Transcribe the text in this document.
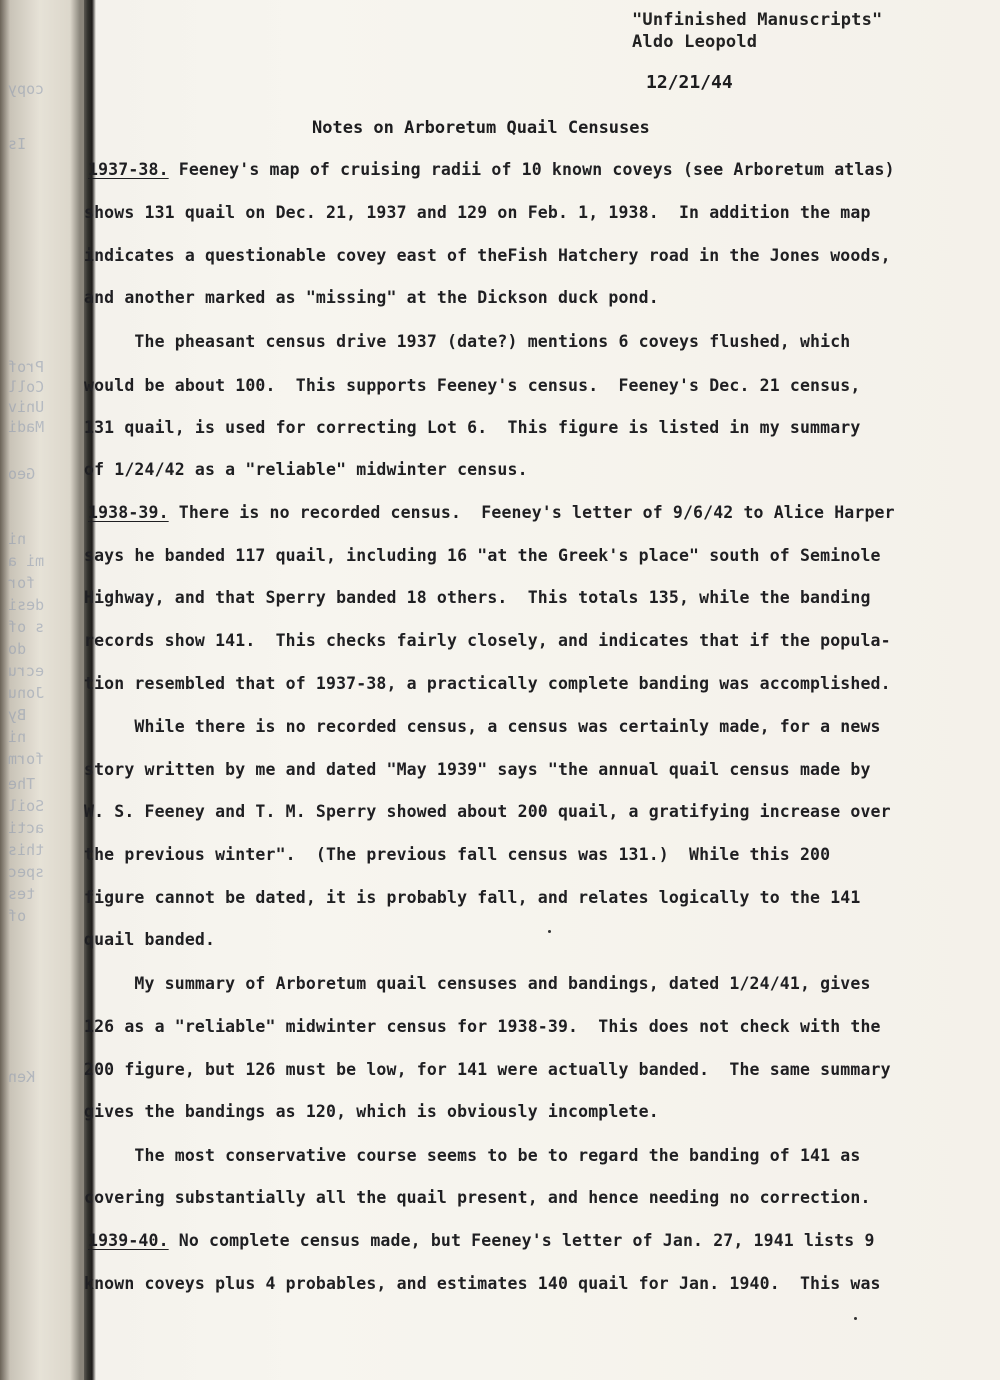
copy
Is
Prof
Coll
Univ
Madi
Geo
ni
mi a
for
desi
s of
do
ecru
Jonu
By
ni
form
The
Soil
acti
this
spec
tes
of
Ken
"Unfinished Manuscripts"
Aldo Leopold
12/21/44
Notes on Arboretum Quail Censuses
1937-38. Feeney's map of cruising radii of 10 known coveys (see Arboretum atlas)
shows 131 quail on Dec. 21, 1937 and 129 on Feb. 1, 1938.  In addition the map
indicates a questionable covey east of theFish Hatchery road in the Jones woods,
and another marked as "missing" at the Dickson duck pond.
The pheasant census drive 1937 (date?) mentions 6 coveys flushed, which
would be about 100.  This supports Feeney's census.  Feeney's Dec. 21 census,
131 quail, is used for correcting Lot 6.  This figure is listed in my summary
of 1/24/42 as a "reliable" midwinter census.
1938-39. There is no recorded census.  Feeney's letter of 9/6/42 to Alice Harper
says he banded 117 quail, including 16 "at the Greek's place" south of Seminole
Highway, and that Sperry banded 18 others.  This totals 135, while the banding
records show 141.  This checks fairly closely, and indicates that if the popula-
tion resembled that of 1937-38, a practically complete banding was accomplished.
While there is no recorded census, a census was certainly made, for a news
story written by me and dated "May 1939" says "the annual quail census made by
W. S. Feeney and T. M. Sperry showed about 200 quail, a gratifying increase over
the previous winter".  (The previous fall census was 131.)  While this 200
figure cannot be dated, it is probably fall, and relates logically to the 141
quail banded.
My summary of Arboretum quail censuses and bandings, dated 1/24/41, gives
126 as a "reliable" midwinter census for 1938-39.  This does not check with the
200 figure, but 126 must be low, for 141 were actually banded.  The same summary
gives the bandings as 120, which is obviously incomplete.
The most conservative course seems to be to regard the banding of 141 as
covering substantially all the quail present, and hence needing no correction.
1939-40. No complete census made, but Feeney's letter of Jan. 27, 1941 lists 9
known coveys plus 4 probables, and estimates 140 quail for Jan. 1940.  This was
